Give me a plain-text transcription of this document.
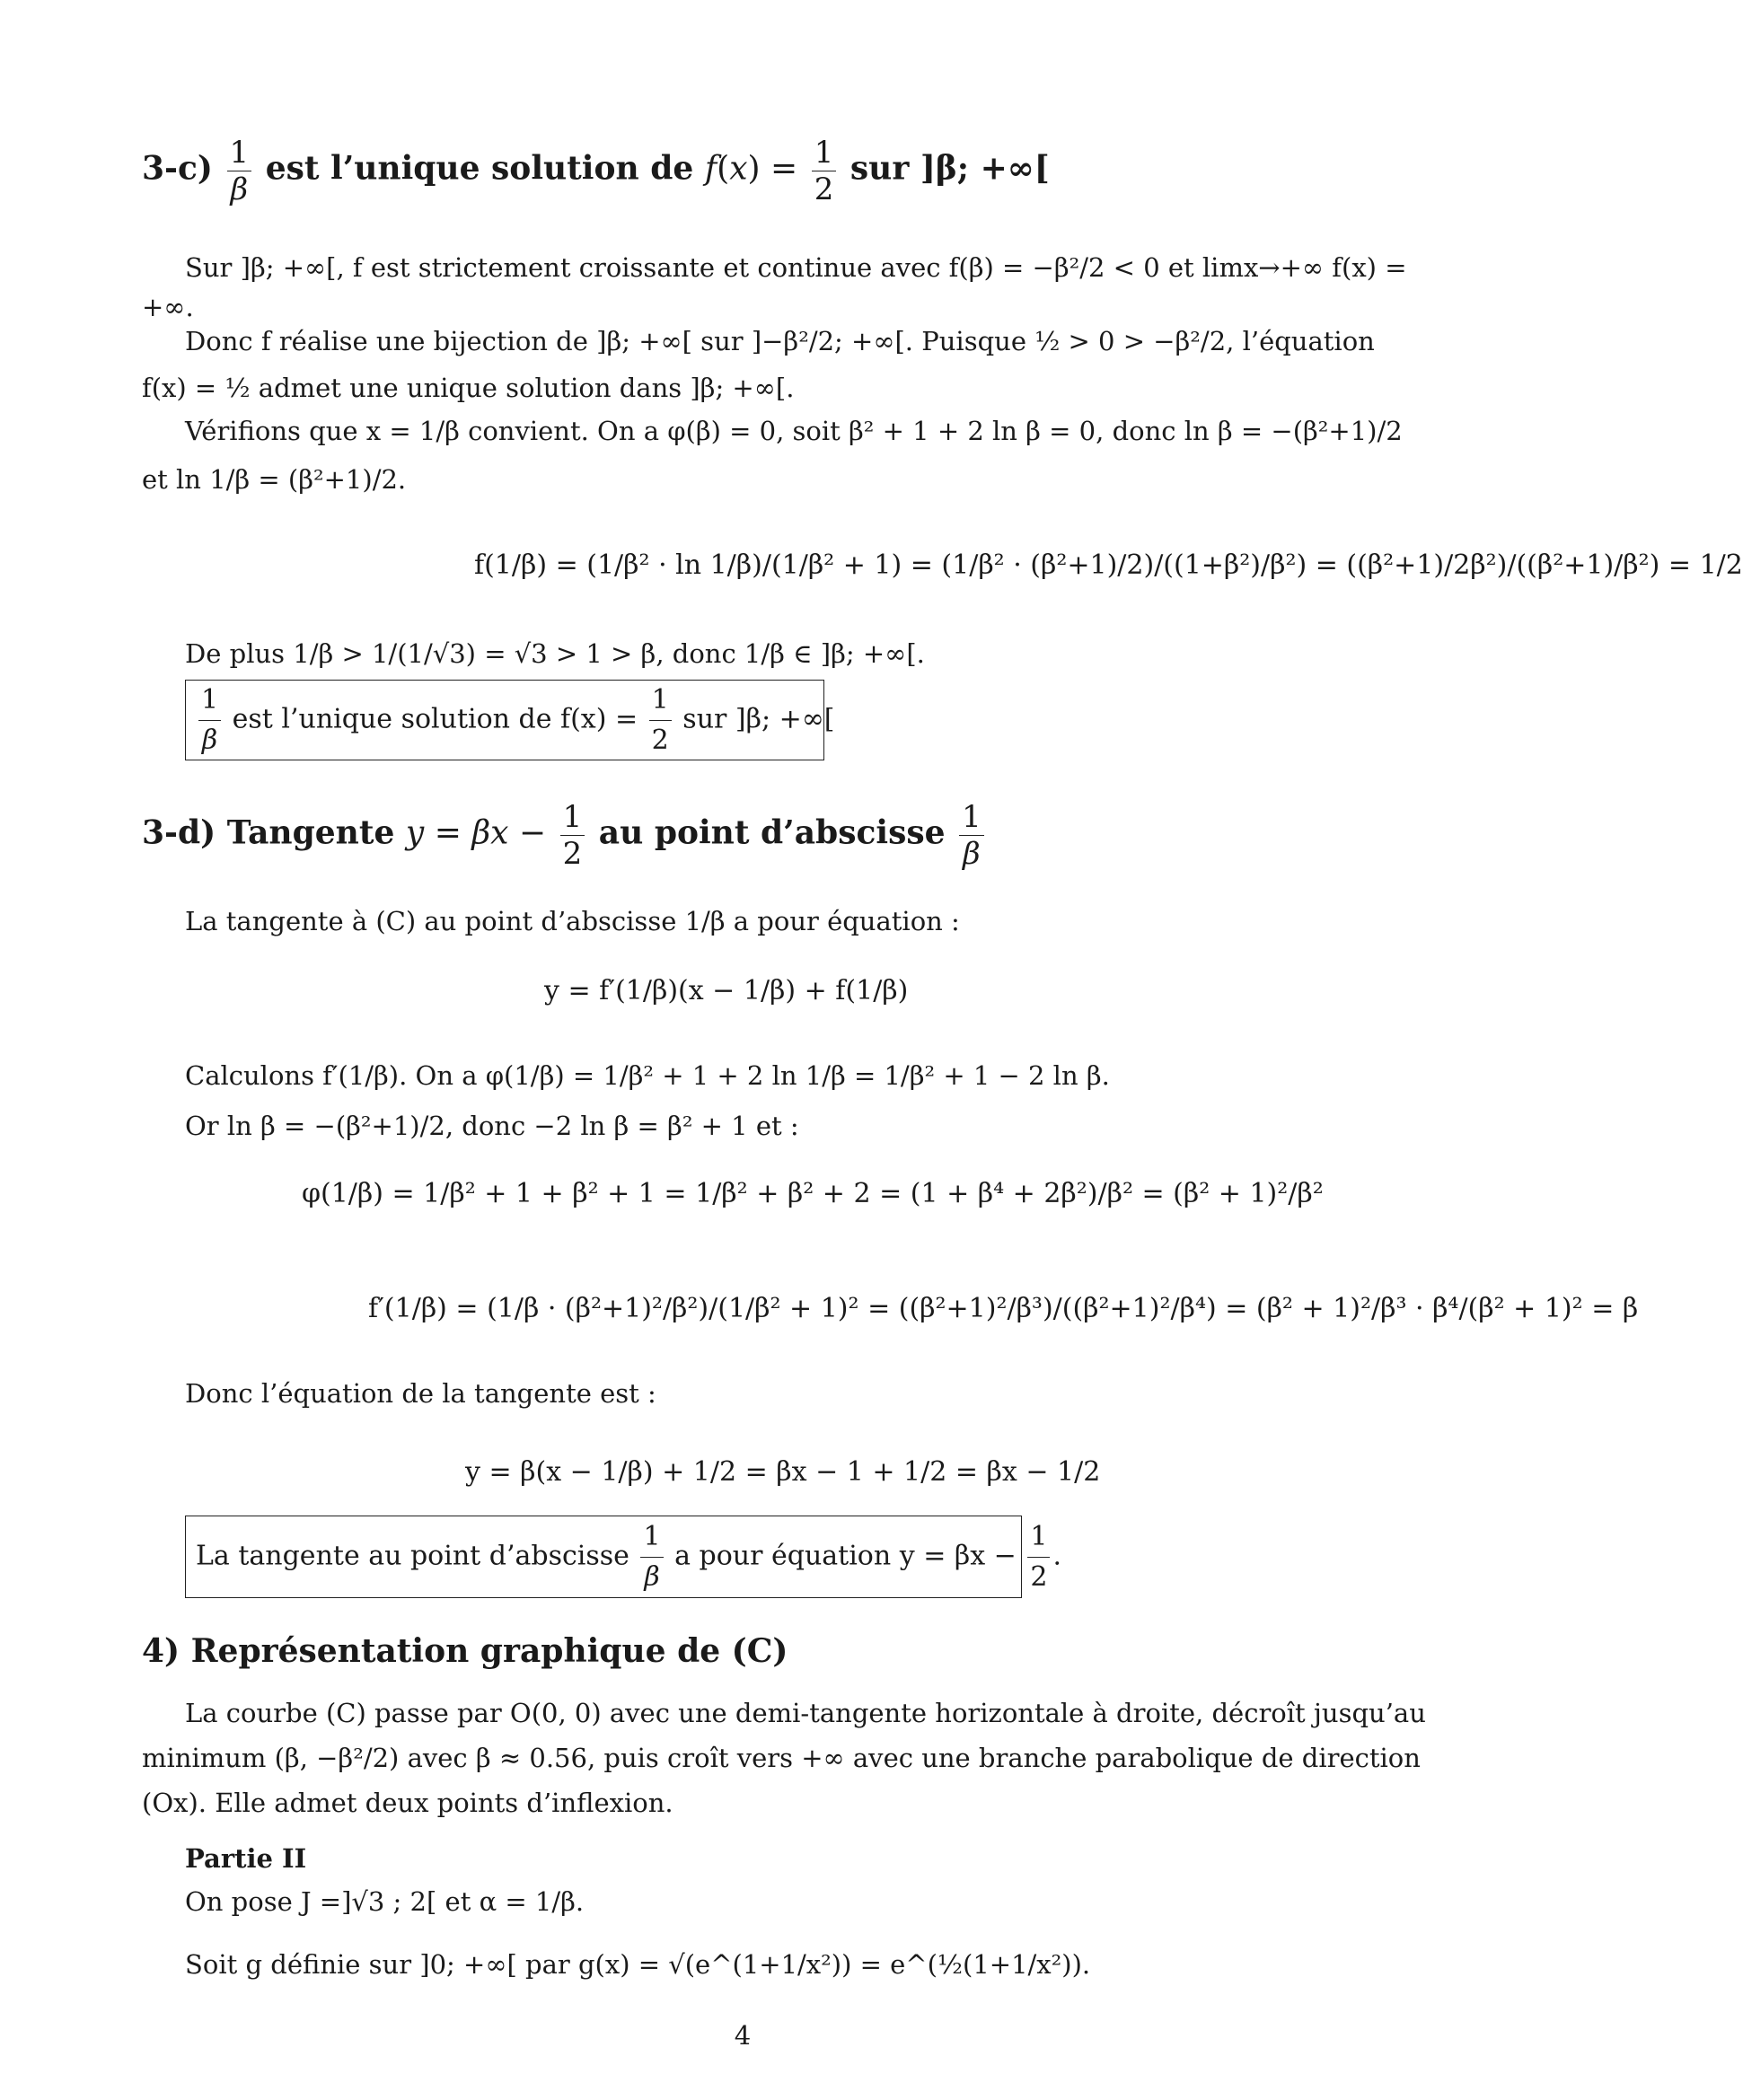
$3-c) \frac{1}{\beta}$ est l’unique solution de $f(x) = \frac{1}{2}$ sur ]β; +∞[
Sur ]β; +∞[, f est strictement croissante et continue avec f(β) = −β²/2 < 0 et limx→+∞ f(x) =
+∞.
Donc f réalise une bijection de ]β; +∞[ sur ]−β²/2; +∞[. Puisque ½ > 0 > −β²/2, l’équation
f(x) = ½ admet une unique solution dans ]β; +∞[.
Vérifions que x = 1/β convient. On a φ(β) = 0, soit β² + 1 + 2 ln β = 0, donc ln β = −(β²+1)/2
et ln 1/β = (β²+1)/2.
f(1/β) = (1/β² · ln 1/β)/(1/β² + 1) = (1/β² · (β²+1)/2)/((1+β²)/β²) = ((β²+1)/2β²)/((β²+1)/β²) = 1/2
De plus 1/β > 1/(1/√3) = √3 > 1 > β, donc 1/β ∈ ]β; +∞[.
$\frac{1}{\beta}$ est l’unique solution de $f(x) = \frac{1}{2}$ sur ]β; +∞[
3-d) Tangente $y = \beta x - \frac{1}{2}$ au point d’abscisse $\frac{1}{\beta}$
La tangente à (C) au point d’abscisse 1/β a pour équation :
y = f′(1/β)(x − 1/β) + f(1/β)
Calculons f′(1/β). On a φ(1/β) = 1/β² + 1 + 2 ln 1/β = 1/β² + 1 − 2 ln β.
Or ln β = −(β²+1)/2, donc −2 ln β = β² + 1 et :
φ(1/β) = 1/β² + 1 + β² + 1 = 1/β² + β² + 2 = (1 + β⁴ + 2β²)/β² = (β² + 1)²/β²
f′(1/β) = (1/β · (β²+1)²/β²)/(1/β² + 1)² = ((β²+1)²/β³)/((β²+1)²/β⁴) = (β² + 1)²/β³ · β⁴/(β² + 1)² = β
Donc l’équation de la tangente est :
y = β(x − 1/β) + 1/2 = βx − 1 + 1/2 = βx − 1/2
La tangente au point d’abscisse $\frac{1}{\beta}$ a pour équation $y = \beta x - \frac{1}{2}$ .
4) Représentation graphique de (C)
La courbe (C) passe par O(0, 0) avec une demi-tangente horizontale à droite, décroît jusqu’au
minimum (β, −β²/2) avec β ≈ 0.56, puis croît vers +∞ avec une branche parabolique de direction
(Ox). Elle admet deux points d’inflexion.
Partie II
On pose J =]√3 ; 2[ et α = 1/β.
Soit g définie sur ]0; +∞[ par g(x) = √(e^(1+1/x²)) = e^(½(1+1/x²)).
4
